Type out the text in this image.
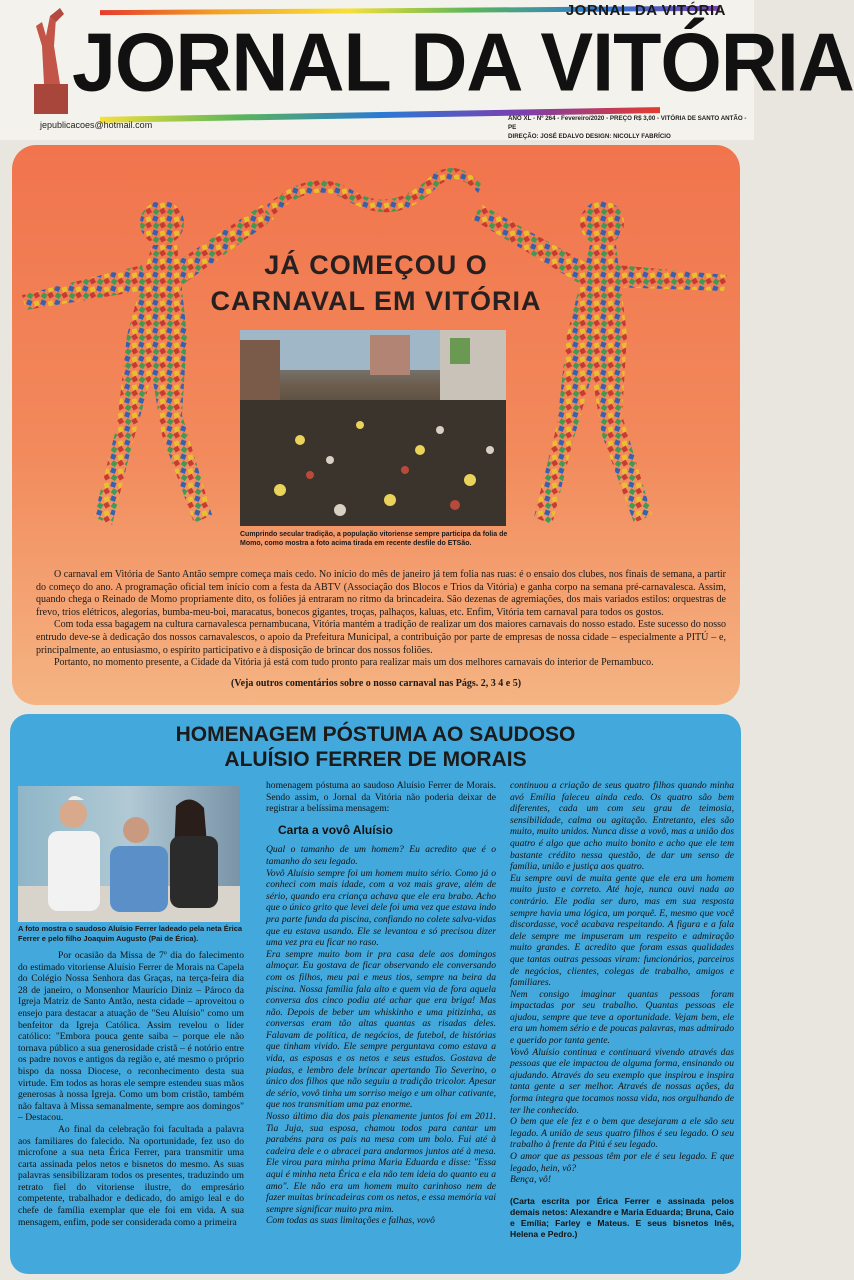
JORNAL DA VITÓRIA
JORNAL DA VITÓRIA
jepublicacoes@hotmail.com
ANO XL - Nº 264 - Fevereiro/2020 - PREÇO R$ 3,00 - VITÓRIA DE SANTO ANTÃO - PE
DIREÇÃO: JOSÉ EDALVO DESIGN: NICOLLY FABRÍCIO
JÁ COMEÇOU O
CARNAVAL EM VITÓRIA
Cumprindo secular tradição, a população vitoriense sempre participa da folia de Momo, como mostra a foto acima tirada em recente desfile do ETSão.

O carnaval em Vitória de Santo Antão sempre começa mais cedo. No início do mês de janeiro já tem folia nas ruas: é o ensaio dos clubes, nos finais de semana, a partir do começo do ano. A programação oficial tem início com a festa da ABTV (Associação dos Blocos e Trios da Vitória) e ganha corpo na semana pré-carnavalesca. Assim, quando chega o Reinado de Momo propriamente dito, os foliões já entraram no ritmo da brincadeira. São dezenas de agremiações, dos mais variados estilos: orquestras de frevo, trios elétricos, alegorias, bumba-meu-boi, maracatus, bonecos gigantes, troças, palhaços, kaluas, etc. Enfim, Vitória tem carnaval para todos os gostos.

Com toda essa bagagem na cultura carnavalesca pernambucana, Vitória mantém a tradição de realizar um dos maiores carnavais do nosso estado. Este sucesso do nosso entrudo deve-se à dedicação dos nossos carnavalescos, o apoio da Prefeitura Municipal, a contribuição por parte de empresas de nossa cidade – especialmente a PITÚ – e, principalmente, ao entusiasmo, o espírito participativo e à disposição de brincar dos nossos foliões.

Portanto, no momento presente, a Cidade da Vitória já está com tudo pronto para realizar mais um dos melhores carnavais do interior de Pernambuco.

(Veja outros comentários sobre o nosso carnaval nas Págs. 2, 3 4 e 5)
HOMENAGEM PÓSTUMA AO SAUDOSO
ALUÍSIO FERRER DE MORAIS
A foto mostra o saudoso Aluísio Ferrer ladeado pela neta Érica Ferrer e pelo filho Joaquim Augusto (Pai de Érica).

Por ocasião da Missa de 7º dia do falecimento do estimado vitoriense Aluísio Ferrer de Morais na Capela do Colégio Nossa Senhora das Graças, na terça-feira dia 28 de janeiro, o Monsenhor Maurício Diniz – Pároco da Igreja Matriz de Santo Antão, nesta cidade – aproveitou o ensejo para destacar a atuação de "Seu Aluísio" como um benfeitor da Igreja Católica. Assim revelou o líder católico: "Embora pouca gente saiba – porque ele não tornava público a sua generosidade cristã – é notório entre os padre novos e antigos da região e, até mesmo o próprio bispo da nossa Diocese, o reconhecimento desta sua virtude. Em todos as horas ele sempre estendeu suas mãos generosas à nossa Igreja. Como um bom cristão, também não faltava à Missa semanalmente, sempre aos domingos" – Destacou.

Ao final da celebração foi facultada a palavra aos familiares do falecido. Na oportunidade, fez uso do microfone a sua neta Érica Ferrer, para transmitir uma carta assinada pelos netos e bisnetos do mesmo. As suas palavras sensibilizaram todos os presentes, traduzindo um retrato fiel do vitoriense ilustre, do empresário competente, trabalhador e dedicado, do amigo leal e do chefe de família exemplar que ele foi em vida. A sua mensagem, enfim, pode ser considerada como a primeira

homenagem póstuma ao saudoso Aluísio Ferrer de Morais. Sendo assim, o Jornal da Vitória não poderia deixar de registrar a belíssima mensagem:

Carta a vovô Aluísio

Qual o tamanho de um homem? Eu acredito que é o tamanho do seu legado.

Vovô Aluísio sempre foi um homem muito sério. Como já o conheci com mais idade, com a voz mais grave, além de sério, quando era criança achava que ele era brabo. Acho que o único grito que levei dele foi uma vez que estava indo pra parte funda da piscina, confiando no colete salva-vidas que eu estava usando. Ele se levantou e só precisou dizer uma vez pra eu ficar no raso.

Era sempre muito bom ir pra casa dele aos domingos almoçar. Eu gostava de ficar observando ele conversando com os filhos, meu pai e meus tios, sempre na beira da piscina. Nossa família fala alto e quem via de fora aquela conversa dos cinco podia até achar que era briga! Mas não. Depois de beber um whiskinho e uma pitizinha, as conversas eram tão altas quantas as risadas deles. Falavam de política, de negócios, de futebol, de histórias que tinham vivido. Ele sempre perguntava como estava a vida, as esposas e os netos e seus estudos. Gostava de piadas, e lembro dele brincar apertando Tio Severino, o único dos filhos que não seguiu a tradição tricolor. Apesar de sério, vovô tinha um sorriso meigo e um olhar cativante, que nos transmitiam uma paz enorme.

Nosso último dia dos pais plenamente juntos foi em 2011. Tia Juja, sua esposa, chamou todos para cantar um parabéns para os pais na mesa com um bolo. Fui até à cadeira dele e o abracei para andarmos juntos até à mesa. Ele virou para minha prima Maria Eduarda e disse: "Essa aqui é minha neta Érica e ela não tem ideia do quanto eu a amo". Ele não era um homem muito carinhoso nem de fazer muitas brincadeiras com os netos, e essa memória vai sempre significar muito pra mim.

Com todas as suas limitações e falhas, vovô

continuou a criação de seus quatro filhos quando minha avó Emília faleceu ainda cedo. Os quatro são bem diferentes, cada um com seu grau de teimosia, sensibilidade, calma ou agitação. Entretanto, eles são muito, muito unidos. Nunca disse a vovô, mas a união dos quatro é algo que acho muito bonito e acho que ele tem bastante crédito nessa questão, de dar um senso de família, união e justiça aos quatro.

Eu sempre ouvi de muita gente que ele era um homem muito justo e correto. Até hoje, nunca ouvi nada ao contrário. Ele podia ser duro, mas em sua resposta sempre havia uma lógica, um porquê. E, mesmo que você discordasse, você acabava respeitando. A figura e a fala dele sempre me impuseram um respeito e admiração muito grandes. E acredito que foram essas qualidades que tantas outras pessoas viram: funcionários, parceiros de negócios, clientes, colegas de trabalho, amigos e familiares.

Nem consigo imaginar quantas pessoas foram impactadas por seu trabalho. Quantas pessoas ele ajudou, sempre que teve a oportunidade. Vejam bem, ele era um homem sério e de poucas palavras, mas admirado e querido por tanta gente.

Vovô Aluísio continua e continuará vivendo através das pessoas que ele impactou de alguma forma, ensinando ou ajudando. Através do seu exemplo que inspirou e inspira tanta gente a ser melhor. Através de nossas ações, da forma íntegra que tocamos nossa vida, nos orgulhando de ter lhe conhecido.

O bem que ele fez e o bem que desejaram a ele são seu legado. A união de seus quatro filhos é seu legado. O seu trabalho à frente da Pitú é seu legado.

O amor que as pessoas têm por ele é seu legado. E que legado, hein, vô?

Bença, vô!

(Carta escrita por Érica Ferrer e assinada pelos demais netos: Alexandre e Maria Eduarda; Bruna, Caio e Emília; Farley e Mateus. E seus bisnetos Inês, Helena e Pedro.)
